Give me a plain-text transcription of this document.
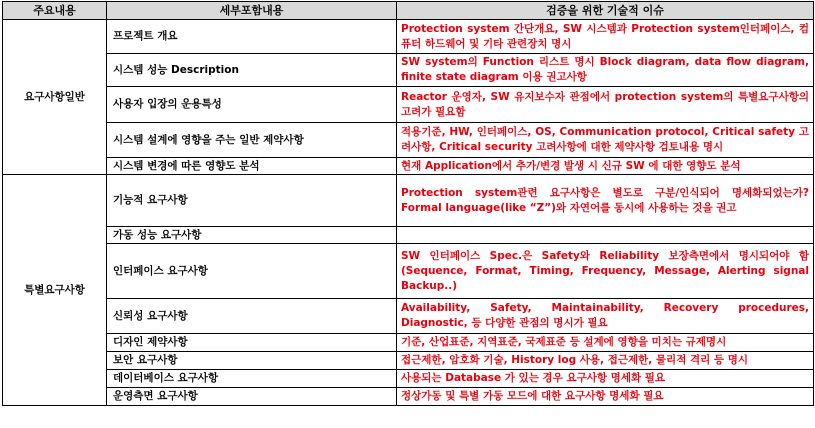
주요내용	세부포함내용	검증을 위한 기술적 이슈
요구사항일반	프로젝트 개요	Protection system 간단개요, SW 시스템과 Protection system인터페이스, 컴퓨터 하드웨어 및 기타 관련장치 명시
	시스템 성능 Description	SW system의 Function 리스트 명시 Block diagram, data flow diagram, finite state diagram 이용 권고사항
	사용자 입장의 운용특성	Reactor 운영자, SW 유지보수자 관점에서 protection system의 특별요구사항의 고려가 필요함
	시스템 설계에 영향을 주는 일반 제약사항	적용기준, HW, 인터페이스, OS, Communication protocol, Critical safety 고려사항, Critical security 고려사항에 대한 제약사항 검토내용 명시
	시스템 변경에 따른 영향도 분석	현재 Application에서 추가/변경 발생 시 신규 SW 에 대한 영향도 분석
특별요구사항	기능적 요구사항	Protection system관련 요구사항은 별도로 구분/인식되어 명세화되었는가? Formal language(like “Z”)와 자연어를 동시에 사용하는 것을 권고
	가동 성능 요구사항	
	인터페이스 요구사항	SW 인터페이스 Spec.은 Safety와 Reliability 보장측면에서 명시되어야 함 (Sequence, Format, Timing, Frequency, Message, Alerting signal Backup..)
	신뢰성 요구사항	Availability, Safety, Maintainability, Recovery procedures, Diagnostic, 등 다양한 관점의 명시가 필요
	디자인 제약사항	기준, 산업표준, 지역표준, 국제표준 등 설계에 영향을 미치는 규제명시
	보안 요구사항	접근제한, 암호화 기술, History log 사용, 접근제한, 물리적 격리 등 명시
	데이터베이스 요구사항	사용되는 Database 가 있는 경우 요구사항 명세화 필요
	운영측면 요구사항	정상가동 및 특별 가동 모드에 대한 요구사항 명세화 필요
